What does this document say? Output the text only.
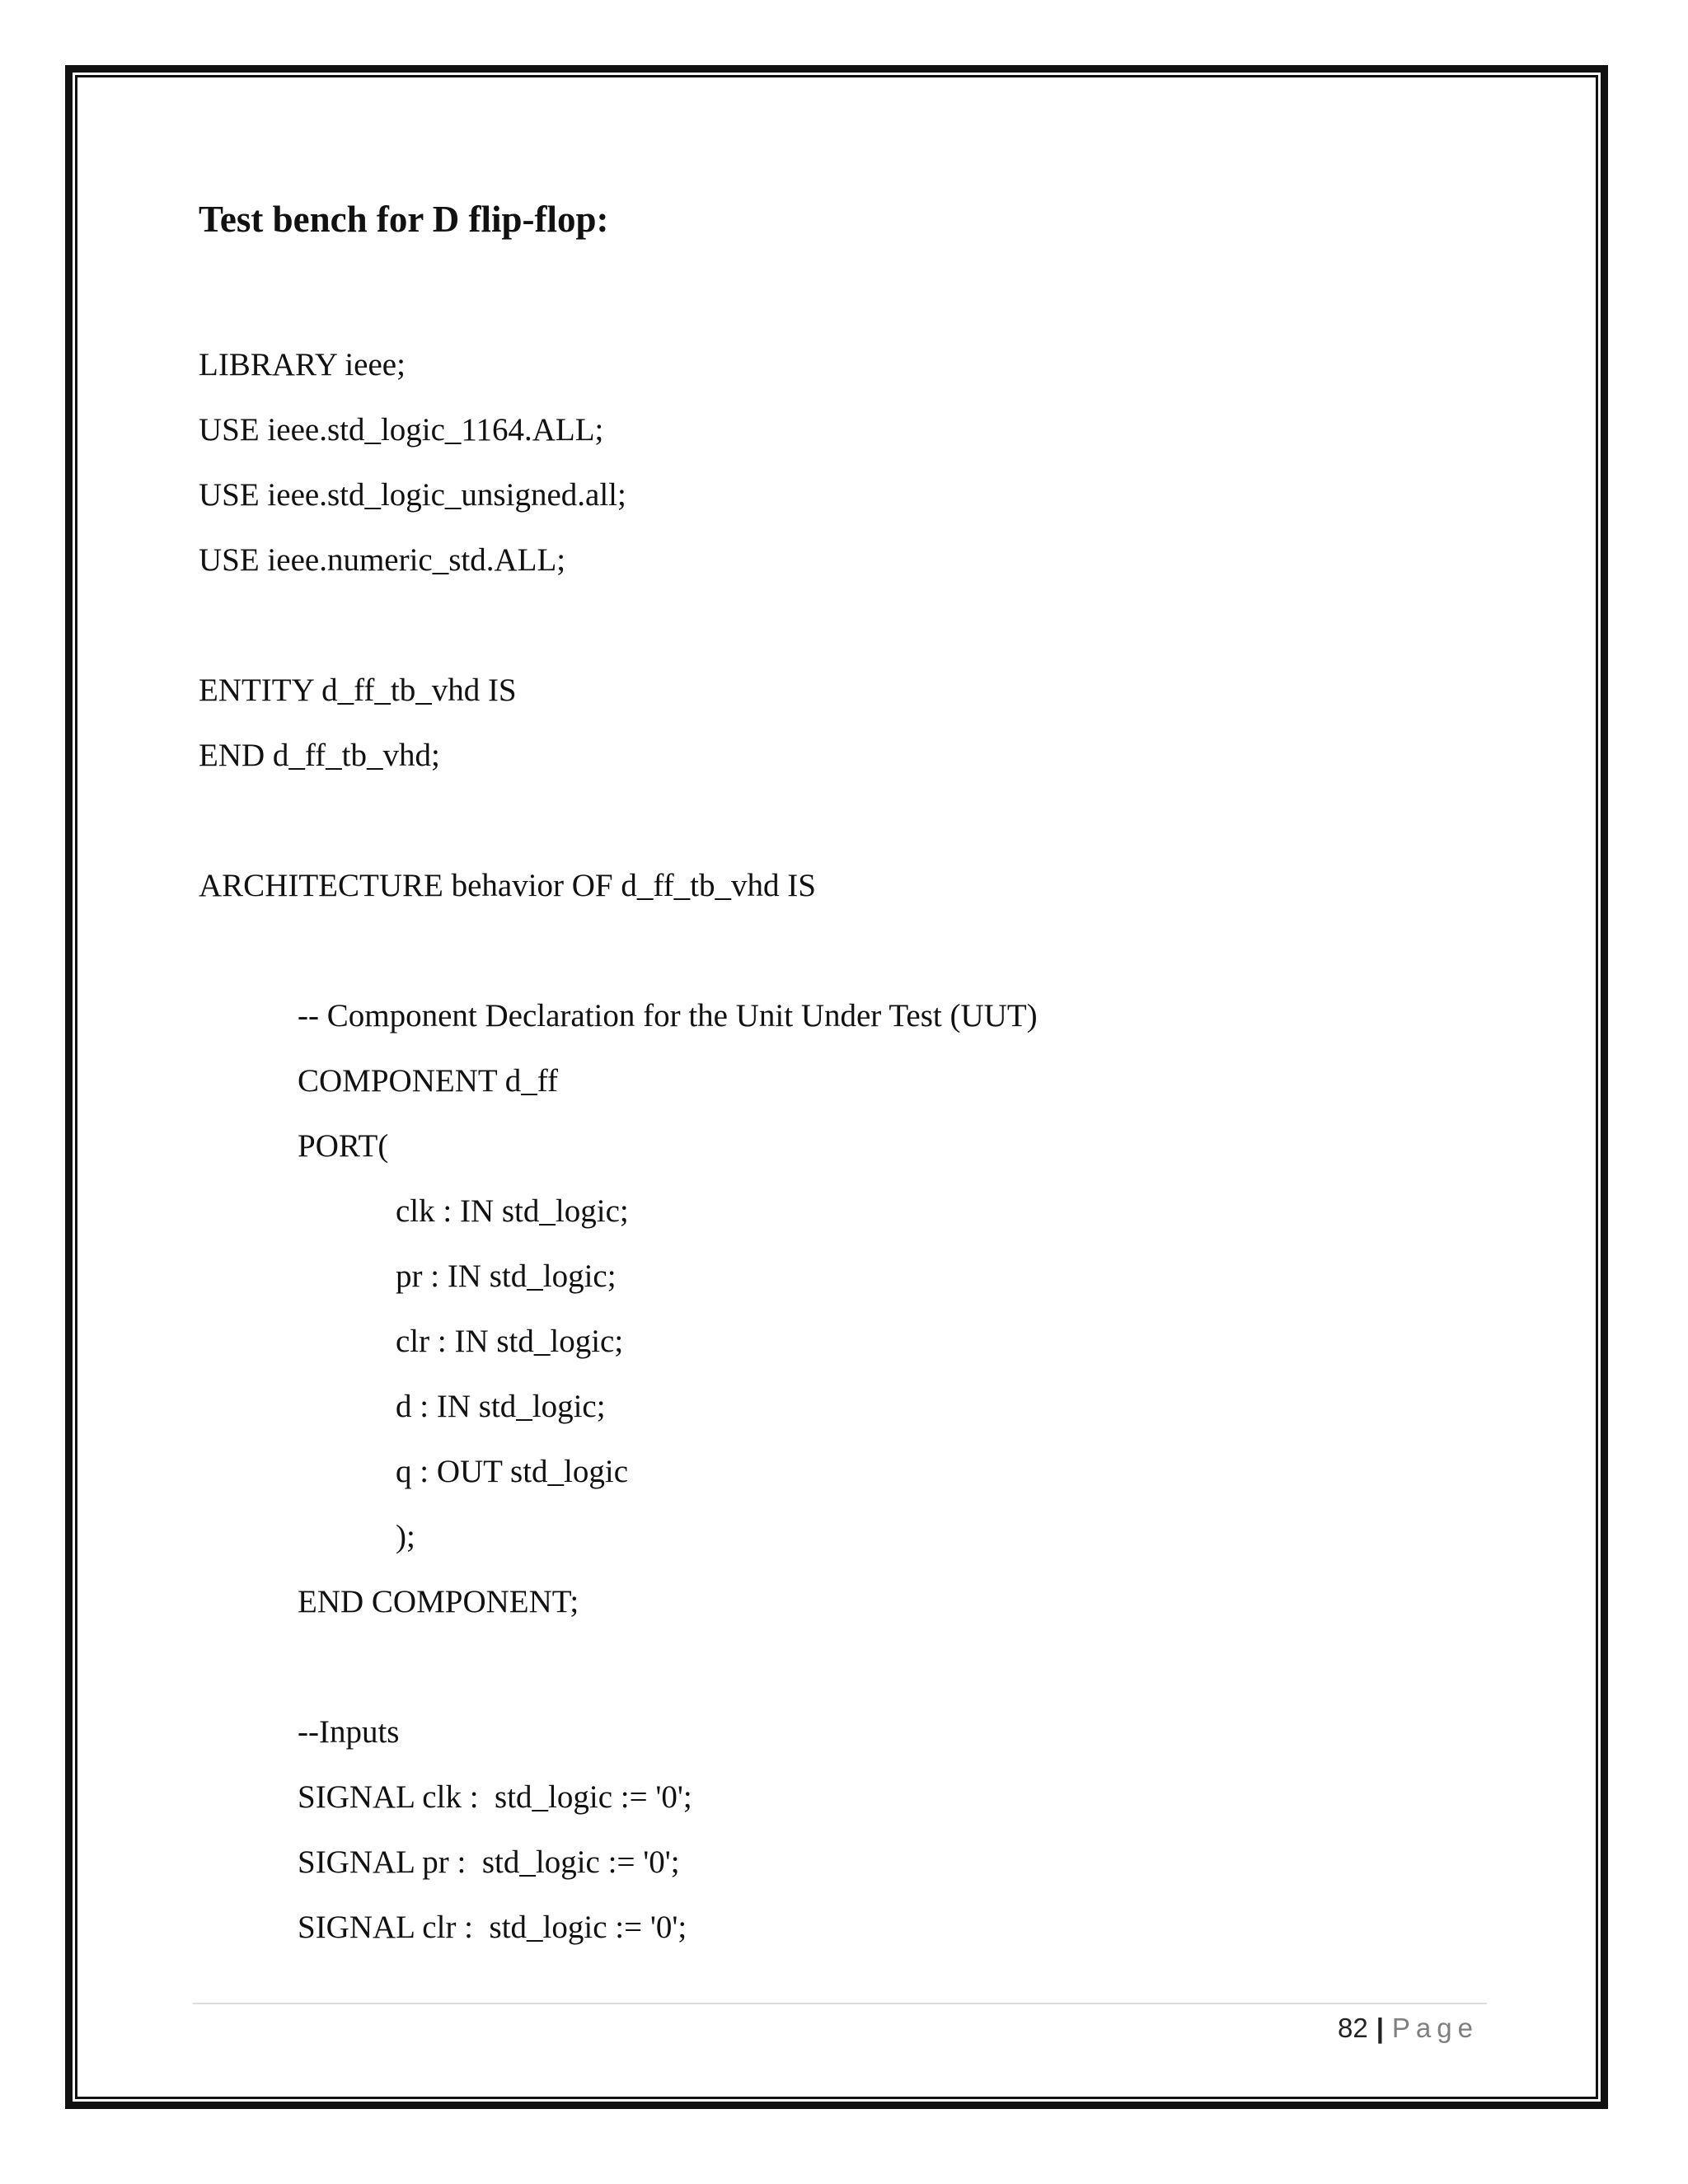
Test bench for D flip-flop:
LIBRARY ieee;
USE ieee.std_logic_1164.ALL;
USE ieee.std_logic_unsigned.all;
USE ieee.numeric_std.ALL;
ENTITY d_ff_tb_vhd IS
END d_ff_tb_vhd;
ARCHITECTURE behavior OF d_ff_tb_vhd IS
-- Component Declaration for the Unit Under Test (UUT)
COMPONENT d_ff
PORT(
clk : IN std_logic;
pr : IN std_logic;
clr : IN std_logic;
d : IN std_logic;
q : OUT std_logic
);
END COMPONENT;
--Inputs
SIGNAL clk :  std_logic := '0';
SIGNAL pr :  std_logic := '0';
SIGNAL clr :  std_logic := '0';
82 | Page
